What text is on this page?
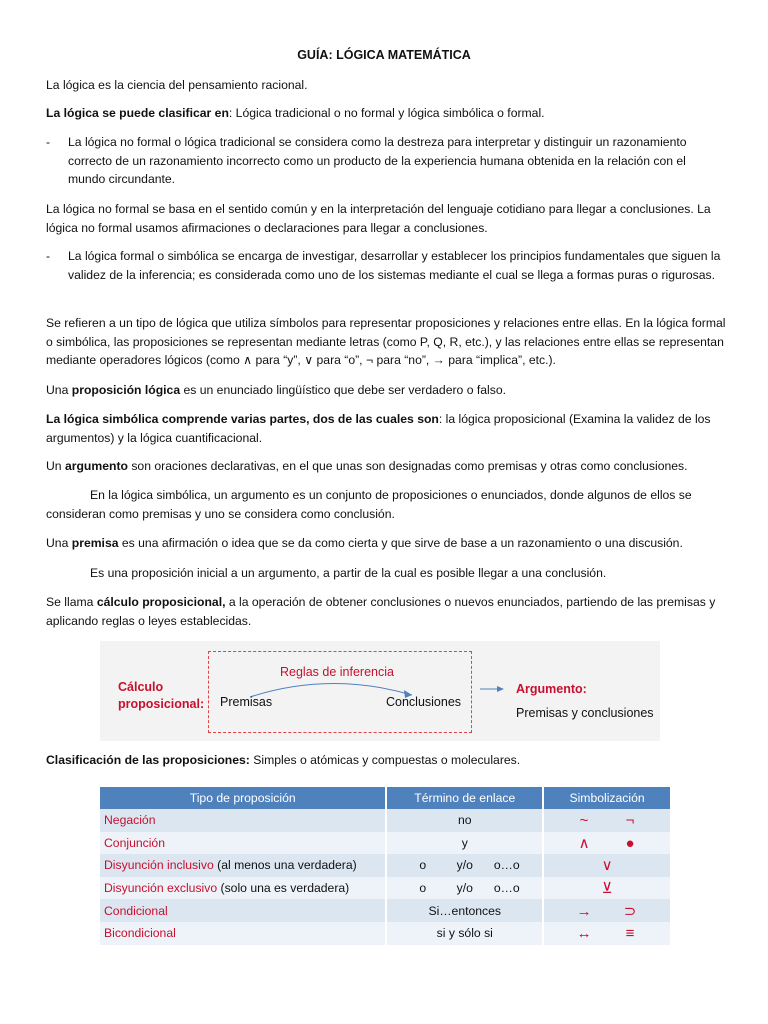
GUÍA: LÓGICA MATEMÁTICA
La lógica es la ciencia del pensamiento racional.
La lógica se puede clasificar en: Lógica tradicional o no formal y lógica simbólica o formal.
- La lógica no formal o lógica tradicional se considera como la destreza para interpretar y distinguir un razonamiento correcto de un razonamiento incorrecto como un producto de la experiencia humana obtenida en la relación con el mundo circundante.
La lógica no formal se basa en el sentido común y en la interpretación del lenguaje cotidiano para llegar a conclusiones. La lógica no formal usamos afirmaciones o declaraciones para llegar a conclusiones.
- La lógica formal o simbólica se encarga de investigar, desarrollar y establecer los principios fundamentales que siguen la validez de la inferencia; es considerada como uno de los sistemas mediante el cual se llega a formas puras o rigurosas.
Se refieren a un tipo de lógica que utiliza símbolos para representar proposiciones y relaciones entre ellas. En la lógica formal o simbólica, las proposiciones se representan mediante letras (como P, Q, R, etc.), y las relaciones entre ellas se representan mediante operadores lógicos (como ∧ para “y”, ∨ para “o”, ¬ para “no”, → para “implica”, etc.).
Una proposición lógica es un enunciado lingüístico que debe ser verdadero o falso.
La lógica simbólica comprende varias partes, dos de las cuales son: la lógica proposicional (Examina la validez de los argumentos) y la lógica cuantificacional.
Un argumento son oraciones declarativas, en el que unas son designadas como premisas y otras como conclusiones.
En la lógica simbólica, un argumento es un conjunto de proposiciones o enunciados, donde algunos de ellos se consideran como premisas y uno se considera como conclusión.
Una premisa es una afirmación o idea que se da como cierta y que sirve de base a un razonamiento o una discusión.
Es una proposición inicial a un argumento, a partir de la cual es posible llegar a una conclusión.
Se llama cálculo proposicional, a la operación de obtener conclusiones o nuevos enunciados, partiendo de las premisas y aplicando reglas o leyes establecidas.
Cálculo
proposicional:
Reglas de inferencia
Premisas	Conclusiones
Argumento:
Premisas y conclusiones
Clasificación de las proposiciones: Simples o atómicas y compuestas o moleculares.
Tipo de proposición	Término de enlace	Simbolización
Negación	no	~ ¬
Conjunción	y	∧ ●
Disyunción inclusivo (al menos una verdadera)	o y/o o…o	∨
Disyunción exclusivo (solo una es verdadera)	o y/o o…o	⊻
Condicional	Si…entonces	→ ⊃
Bicondicional	si y sólo si	↔ ≡
